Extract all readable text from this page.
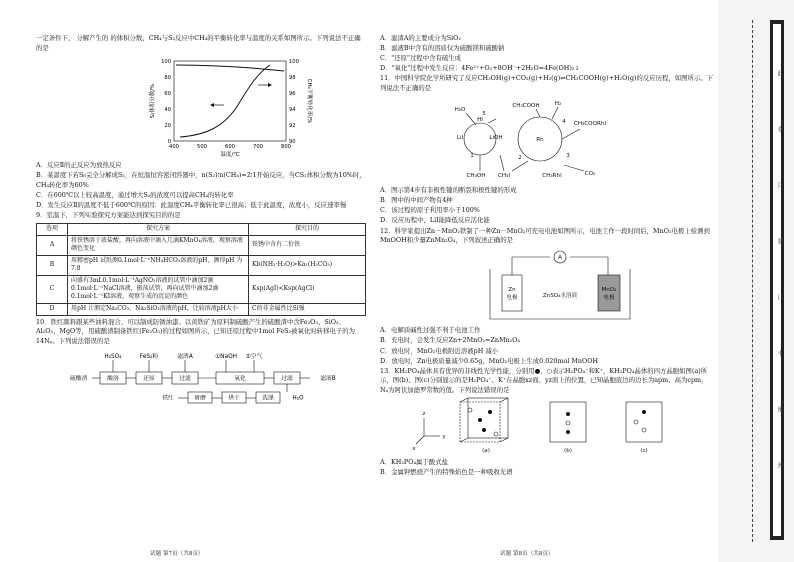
一定条件下， 分解产生的 的体积分数、CH₄与S₂反应中CH₄的平衡转化率与温度的关系如图所示。下列说法不正确的是

100
80
60
40
20
0
100
98
96
94
92
90
400	500	600	700	800
S₂体积分数/%	CH₄平衡转化率/%
温度/℃

A．反应Ⅱ的正反应为放热反应

B．某温度下若S₈完全分解成S₂，在恒温恒容密闭容器中，n(S₂)∶n(CH₄)=2∶1开始反应，当CS₂体积分数为10%时，CH₄转化率为60%

C．在600℃以上较高温度，通过增大S₂的浓度可以提高CH₄的转化率

D．发生反应Ⅱ的温度不低于600℃的原因：此温度CH₄平衡转化率已很高；低于此温度，浓度小，反应速率慢

9．室温下，下列实验探究方案能达到探究目的的是

选项	探究方案	探究目的
A	将铁锈溶于浓盐酸，再向溶液中滴入几滴KMnO₄溶液，观察溶液颜色变化	铁锈中含有二价铁
B	用精密pH 试纸测0.1mol·L⁻¹NH₄HCO₃溶液的pH，测得pH 为 7.8	Kb(NH₃·H₂O)>Ka₁(H₂CO₃)
C	向盛有3mL0.1mol·L⁻¹AgNO₃溶液的试管中滴加2滴0.1mol·L⁻¹NaCl溶液，振荡试管，再向试管中滴加2滴0.1mol·L⁻¹KI溶液，观察生成的沉淀的颜色	Ksp(AgI)<Ksp(AgCl)
D	用pH 计测定Na₂CO₃、Na₂SiO₃溶液的pH，比较溶液pH大小	C的非金属性比Si强

10．铁红颜料跟某些油料混合，可以制成防锈油漆。以黄铁矿为原料制硫酸产生的硫酸渣中含Fe₂O₃、SiO₂、Al₂O₃、MgO等，用硫酸渣制备铁红(Fe₂O₃)的过程如图所示，已知还原过程中1mol FeS₂被氧化时转移电子的为14Nₐ。下列说法错误的是

硫酸渣	酸溶
H₂SO₄
还原
FeS₂粉
过滤
滤渣A
氧化
①NaOH ②空气
过滤	滤液B
洗涤	H₂O
烘干
研磨
铁红
试题 第7页（共8页）

A．滤渣A的主要成分为SiO₂

B．滤液B中含有的溶质仅为硫酸镁和硫酸钠

C．"还原"过程中含有硫生成

D．"氧化"过程中发生反应：4Fe²⁺+O₂+8OH⁻+2H₂O=4Fe(OH)₃↓

11．中国科学院化学所研究了反应CH₃OH(g)+CO₂(g)+H₂(g)⇌CH₃COOH(g)+H₂O(g)的反应历程，如图所示。下列说法不正确的是

H₂O
LiI	LiOH
HI
CH₃OH CH₃I
CH₃COOH	H₂
Rh
CH₃COORhI
CH₃RhI	CO₂
1	2	3
4
5

A．图示第4步有非极性键的断裂和极性键的形成

B．图中的中间产物有4种

C．该过程的原子利用率小于100%

D．反应历程中，LiI能降低反应活化能

12．科学家提出Zn－MnO₂铁制了一种Zn－MnO₂可充电电池如图所示，电池工作一段时间后，MnO₂电极上检测到MnOOH和少量ZnMn₂O₄，下列叙述正确的是

A
Zn
电极
MnO₂
电极
ZnSO₄水溶液

A．电解质碱性过强不利于电池工作

B．充电时，会发生反应Zn+2MnO₂=ZnMn₂O₄

C．放电时，MnO₂电极附近溶液pH 减小

D．放电时，Zn电极质量减少0.65g，MnO₂电极上生成0.020mol MnOOH

13．KH₂PO₄晶体具有优异的非线性光学性能，分别用●、○表示H₂PO₄⁻和K⁺，KH₂PO₄晶体的四方晶胞如图(a)所示，图(b)、图(c)分别显示的是H₂PO₄⁻、K⁺在晶胞xz面、yz面上的位置，已知晶胞底边的边长为apm、高为cpm，Nₐ为阿伏加德罗常数的值。下列说法错误的是

z
y
x	(a)	(b)	(c)

A．KH₂PO₄属于酸式盐

B．金属钾燃烧产生的特殊焰色是一种吸收光谱

试题 第8页（共8页）
此
卷
只
装
订
不
密
封
